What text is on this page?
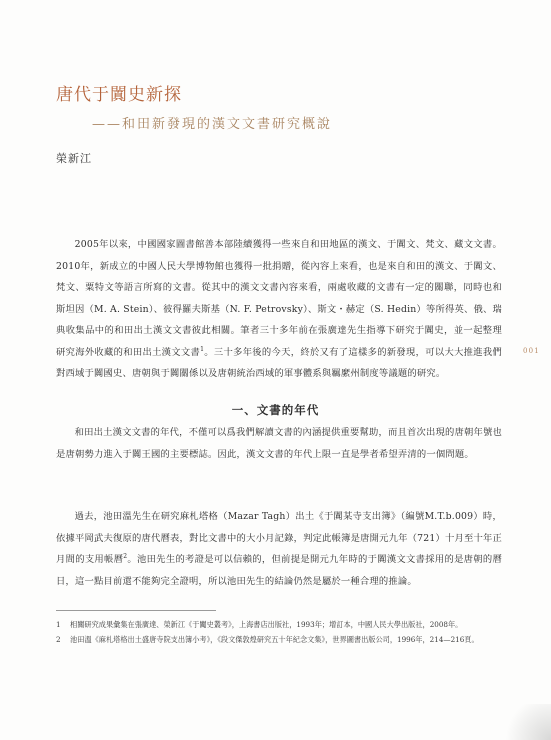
唐代于闐史新探
——和田新發現的漢文文書研究概說
榮新江
2005年以來，中國國家圖書館善本部陸續獲得一些來自和田地區的漢文、于闐文、梵文、藏文文書。2010年，新成立的中國人民大學博物館也獲得一批捐贈，從內容上來看，也是來自和田的漢文、于闐文、梵文、粟特文等語言所寫的文書。從其中的漢文文書內容來看，兩處收藏的文書有一定的關聯，同時也和斯坦因（M. A. Stein）、彼得羅夫斯基（N. F. Petrovsky）、斯文・赫定（S. Hedin）等所得英、俄、瑞典收集品中的和田出土漢文文書彼此相關。筆者三十多年前在張廣達先生指導下研究于闐史，並一起整理研究海外收藏的和田出土漢文文書$^1$。三十多年後的今天，終於又有了這樣多的新發現，可以大大推進我們對西域于闐國史、唐朝與于闐關係以及唐朝統治西域的軍事體系與羈縻州制度等議題的研究。
001
一、文書的年代
和田出土漢文文書的年代，不僅可以爲我們解讀文書的內涵提供重要幫助，而且首次出現的唐朝年號也是唐朝勢力進入于闐王國的主要標誌。因此，漢文文書的年代上限一直是學者希望弄清的一個問題。
過去，池田溫先生在研究麻札塔格（Mazar Tagh）出土《于闐某寺支出簿》（編號M.T.b.009）時，依據平岡武夫復原的唐代曆表，對比文書中的大小月記錄，判定此帳簿是唐開元九年（721）十月至十年正月間的支用帳曆$^2$。池田先生的考證是可以信賴的，但前提是開元九年時的于闐漢文文書採用的是唐朝的曆日，這一點目前還不能夠完全證明，所以池田先生的結論仍然是屬於一種合理的推論。
1	相關研究成果彙集在張廣達、榮新江《于闐史叢考》，上海書店出版社，1993年；增訂本，中國人民大學出版社，2008年。
2	池田溫《麻札塔格出土盛唐寺院支出簿小考》，《段文傑敦煌研究五十年紀念文集》，世界圖書出版公司，1996年，214—216頁。
